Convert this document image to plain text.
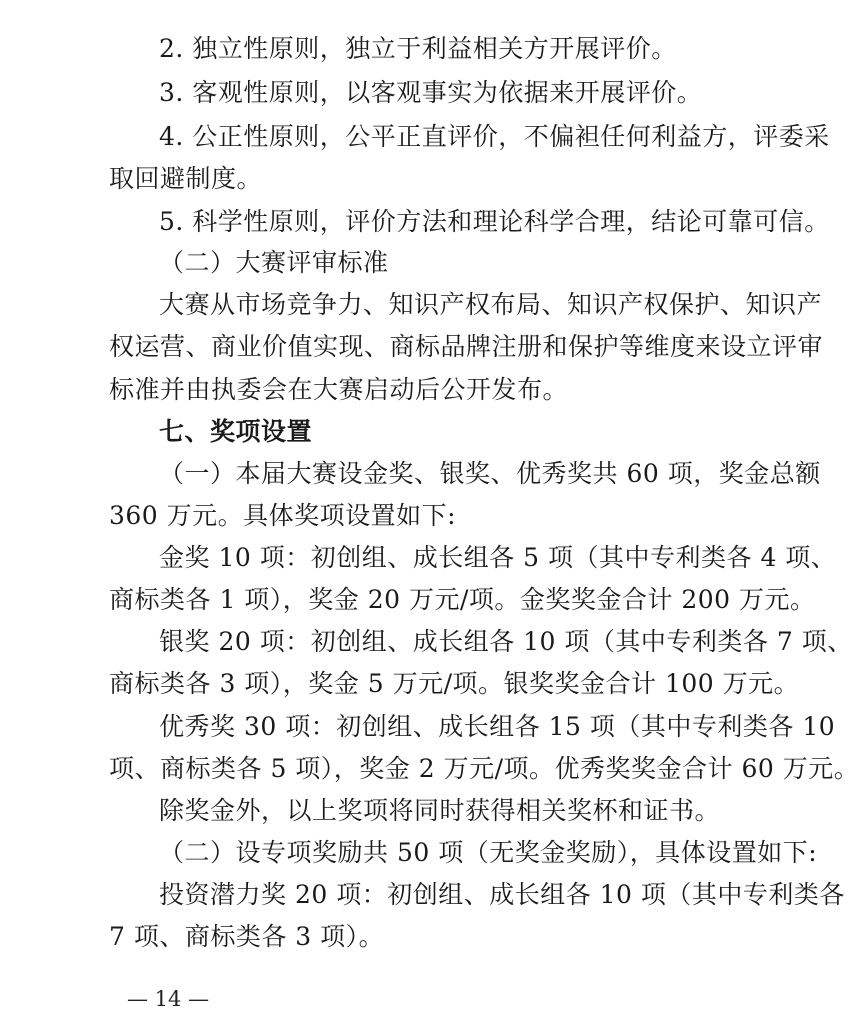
2. 独立性原则，独立于利益相关方开展评价。
3. 客观性原则，以客观事实为依据来开展评价。
4. 公正性原则，公平正直评价，不偏袒任何利益方，评委采
取回避制度。
5. 科学性原则，评价方法和理论科学合理，结论可靠可信。
（二）大赛评审标准
大赛从市场竞争力、知识产权布局、知识产权保护、知识产
权运营、商业价值实现、商标品牌注册和保护等维度来设立评审
标准并由执委会在大赛启动后公开发布。
七、奖项设置
（一）本届大赛设金奖、银奖、优秀奖共 60 项，奖金总额
360 万元。具体奖项设置如下:
金奖 10 项：初创组、成长组各 5 项（其中专利类各 4 项、
商标类各 1 项），奖金 20 万元/项。金奖奖金合计 200 万元。
银奖 20 项：初创组、成长组各 10 项（其中专利类各 7 项、
商标类各 3 项），奖金 5 万元/项。银奖奖金合计 100 万元。
优秀奖 30 项：初创组、成长组各 15 项（其中专利类各 10
项、商标类各 5 项），奖金 2 万元/项。优秀奖奖金合计 60 万元。
除奖金外，以上奖项将同时获得相关奖杯和证书。
（二）设专项奖励共 50 项（无奖金奖励），具体设置如下:
投资潜力奖 20 项：初创组、成长组各 10 项（其中专利类各
7 项、商标类各 3 项）。
— 14 —
